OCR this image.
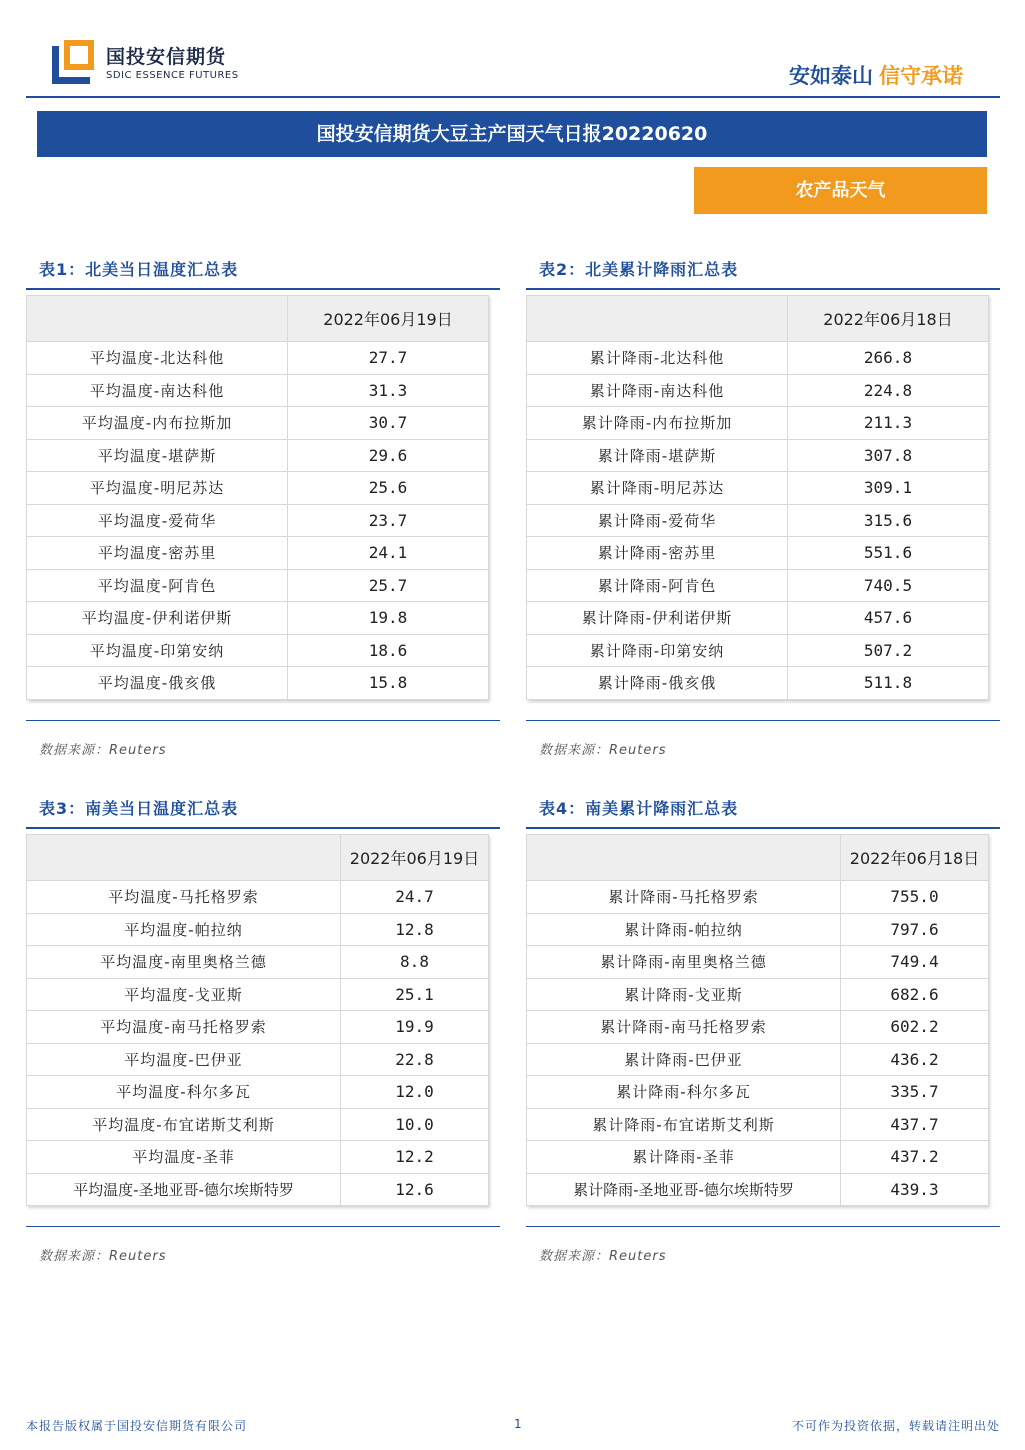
国投安信期货
SDIC ESSENCE FUTURES	安如泰山 信守承诺
国投安信期货大豆主产国天气日报20220620
农产品天气
表1：北美当日温度汇总表
	2022年06月19日
平均温度-北达科他	27.7
平均温度-南达科他	31.3
平均温度-内布拉斯加	30.7
平均温度-堪萨斯	29.6
平均温度-明尼苏达	25.6
平均温度-爱荷华	23.7
平均温度-密苏里	24.1
平均温度-阿肯色	25.7
平均温度-伊利诺伊斯	19.8
平均温度-印第安纳	18.6
平均温度-俄亥俄	15.8
数据来源：Reuters
表2：北美累计降雨汇总表
	2022年06月18日
累计降雨-北达科他	266.8
累计降雨-南达科他	224.8
累计降雨-内布拉斯加	211.3
累计降雨-堪萨斯	307.8
累计降雨-明尼苏达	309.1
累计降雨-爱荷华	315.6
累计降雨-密苏里	551.6
累计降雨-阿肯色	740.5
累计降雨-伊利诺伊斯	457.6
累计降雨-印第安纳	507.2
累计降雨-俄亥俄	511.8
数据来源：Reuters
表3：南美当日温度汇总表
	2022年06月19日
平均温度-马托格罗索	24.7
平均温度-帕拉纳	12.8
平均温度-南里奥格兰德	8.8
平均温度-戈亚斯	25.1
平均温度-南马托格罗索	19.9
平均温度-巴伊亚	22.8
平均温度-科尔多瓦	12.0
平均温度-布宜诺斯艾利斯	10.0
平均温度-圣菲	12.2
平均温度-圣地亚哥-德尔埃斯特罗	12.6
数据来源：Reuters
表4：南美累计降雨汇总表
	2022年06月18日
累计降雨-马托格罗索	755.0
累计降雨-帕拉纳	797.6
累计降雨-南里奥格兰德	749.4
累计降雨-戈亚斯	682.6
累计降雨-南马托格罗索	602.2
累计降雨-巴伊亚	436.2
累计降雨-科尔多瓦	335.7
累计降雨-布宜诺斯艾利斯	437.7
累计降雨-圣菲	437.2
累计降雨-圣地亚哥-德尔埃斯特罗	439.3
数据来源：Reuters
本报告版权属于国投安信期货有限公司	1	不可作为投资依据，转载请注明出处
